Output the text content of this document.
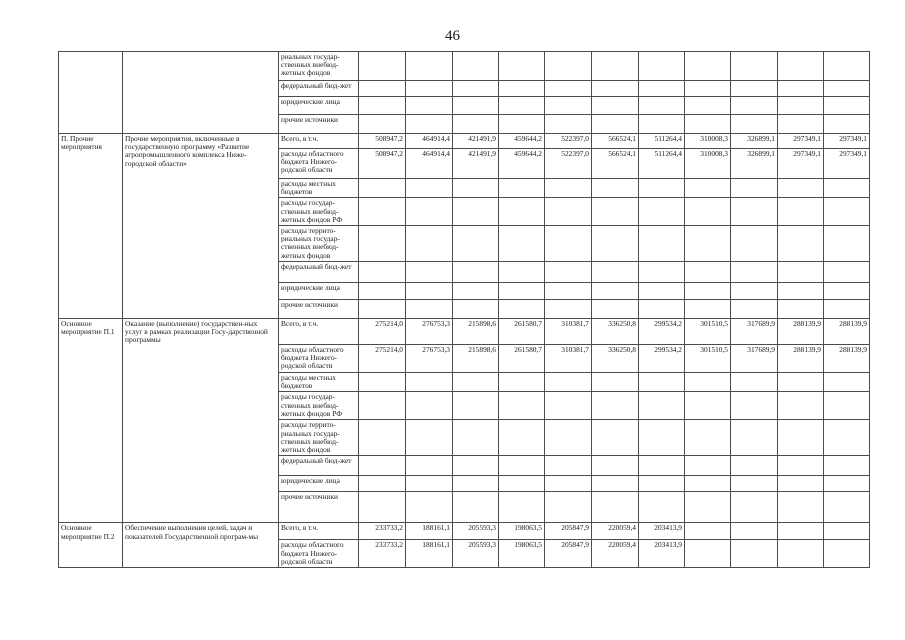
46
		риальных государ-ственных внебюд-жетных фондов											
		федеральный бюд-жет											
		юридические лица											
		прочие источники											
П. Прочие мероприятия	Прочие мероприятия, включенные в государственную программу «Развитие агропромышленного комплекса Ниже-городской области»	Всего, в т.ч.	508947,2	464914,4	421491,9	459644,2	522397,0	566524,1	511264,4	310008,3	326899,1	297349,1	297349,1
		расходы областного бюджета Нижего-родской области	508947,2	464914,4	421491,9	459644,2	522397,0	566524,1	511264,4	310008,3	326899,1	297349,1	297349,1
		расходы местных бюджетов											
		расходы государ-ственных внебюд-жетных фондов РФ											
		расходы террито-риальных государ-ственных внебюд-жетных фондов											
		федеральный бюд-жет											
		юридические лица											
		прочие источники											
Основное мероприятие П.1	Оказание (выполнение) государствен-ных услуг в рамках реализации Госу-дарственной программы	Всего, в т.ч.	275214,0	276753,3	215898,6	261580,7	310381,7	336250,8	299534,2	301510,5	317689,9	288139,9	288139,9
		расходы областного бюджета Нижего-родской области	275214,0	276753,3	215898,6	261580,7	310381,7	336250,8	299534,2	301510,5	317689,9	288139,9	288139,9
		расходы местных бюджетов											
		расходы государ-ственных внебюд-жетных фондов РФ											
		расходы террито-риальных государ-ственных внебюд-жетных фондов											
		федеральный бюд-жет											
		юридические лица											
		прочие источники											
Основное мероприятие П.2	Обеспечение выполнения целей, задач и показателей Государственной програм-мы	Всего, в т.ч.	233733,2	188161,1	205593,3	198063,5	205847,9	220059,4	203413,9				
		расходы областного бюджета Нижего-родской области	233733,2	188161,1	205593,3	198063,5	205847,9	220059,4	203413,9				
